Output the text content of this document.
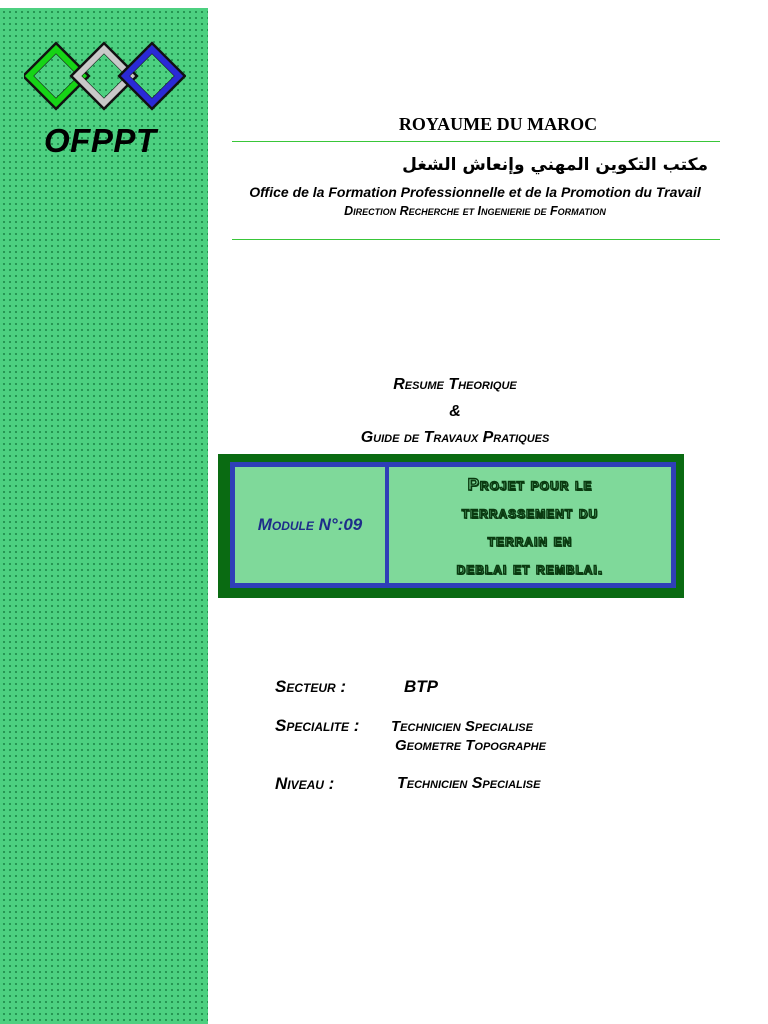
OFPPT	ROYAUME DU MAROC
مكتب التكوين المهني وإنعاش الشغل
Office de la Formation Professionnelle et de la Promotion du Travail
Direction Recherche et Ingenierie de Formation
Resume Theorique
&
Guide de Travaux Pratiques
Module N°:09
Projet pour le
terrassement du
terrain en
deblai et remblai.
Secteur :	BTP
Specialite : Technicien Specialise
Geometre Topographe
Niveau :	Technicien Specialise
